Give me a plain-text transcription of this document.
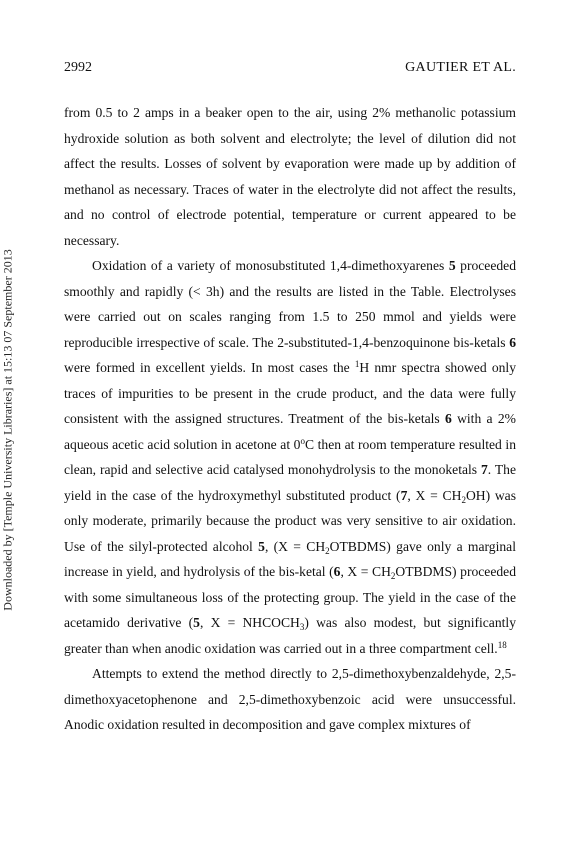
2992	GAUTIER ET AL.
Downloaded by [Temple University Libraries] at 15:13 07 September 2013

from 0.5 to 2 amps in a beaker open to the air, using 2% methanolic potassium hydroxide solution as both solvent and electrolyte; the level of dilution did not affect the results. Losses of solvent by evaporation were made up by addition of methanol as necessary. Traces of water in the electrolyte did not affect the results, and no control of electrode potential, temperature or current appeared to be necessary.

Oxidation of a variety of monosubstituted 1,4-dimethoxyarenes 5 proceeded smoothly and rapidly (< 3h) and the results are listed in the Table. Electrolyses were carried out on scales ranging from 1.5 to 250 mmol and yields were reproducible irrespective of scale. The 2-substituted-1,4-benzoquinone bis-ketals 6 were formed in excellent yields. In most cases the $^1$H nmr spectra showed only traces of impurities to be present in the crude product, and the data were fully consistent with the assigned structures. Treatment of the bis-ketals 6 with a 2% aqueous acetic acid solution in acetone at 0$^o$C then at room temperature resulted in clean, rapid and selective acid catalysed monohydrolysis to the monoketals 7. The yield in the case of the hydroxymethyl substituted product (7, $X = CH_2OH$) was only moderate, primarily because the product was very sensitive to air oxidation. Use of the silyl-protected alcohol 5, $(X = CH_2OTBDMS)$ gave only a marginal increase in yield, and hydrolysis of the bis-ketal (6, $X = CH_2OTBDMS$) proceeded with some simultaneous loss of the protecting group. The yield in the case of the acetamido derivative (5, $X = NHCOCH_3$) was also modest, but significantly greater than when anodic oxidation was carried out in a three compartment cell.$^{18}$

Attempts to extend the method directly to 2,5-dimethoxybenzaldehyde, 2,5-dimethoxyacetophenone and 2,5-dimethoxybenzoic acid were unsuccessful. Anodic oxidation resulted in decomposition and gave complex mixtures of
